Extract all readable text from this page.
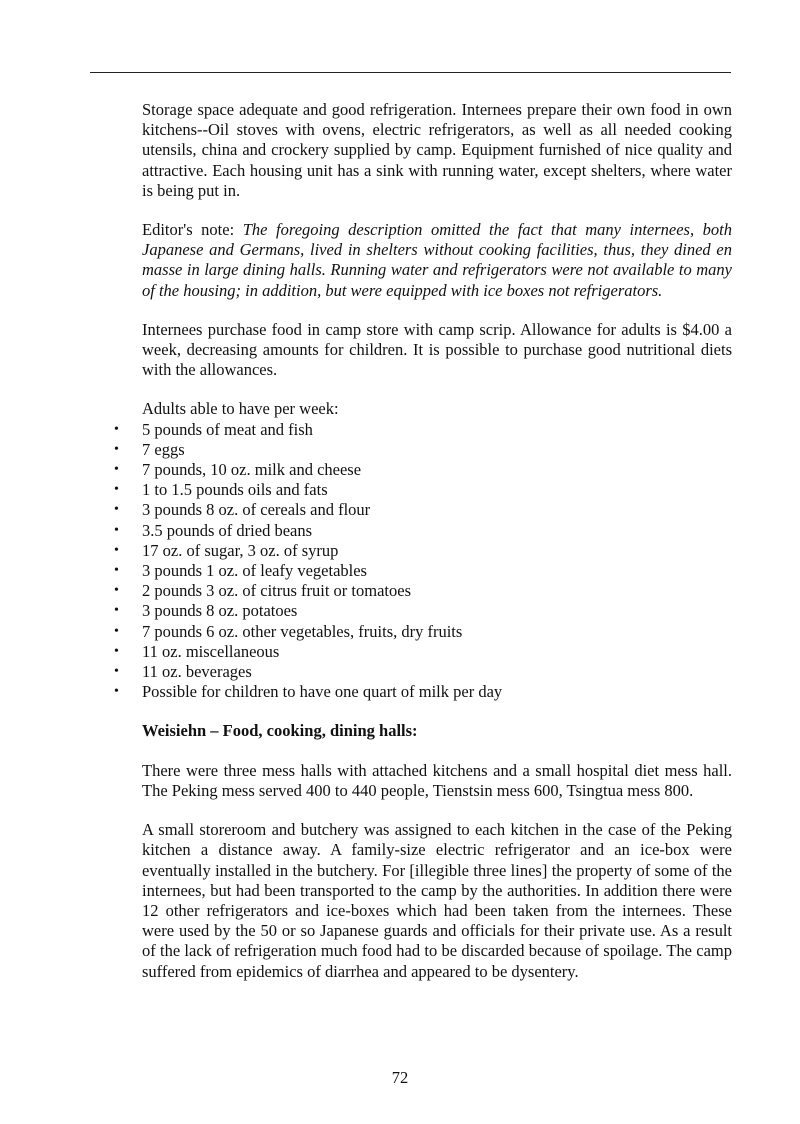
Storage space adequate and good refrigeration. Internees prepare their own food in own kitchens--Oil stoves with ovens, electric refrigerators, as well as all needed cooking utensils, china and crockery supplied by camp. Equipment furnished of nice quality and attractive. Each housing unit has a sink with running water, except shelters, where water is being put in.

Editor's note: The foregoing description omitted the fact that many internees, both Japanese and Germans, lived in shelters without cooking facilities, thus, they dined en masse in large dining halls. Running water and refrigerators were not available to many of the housing; in addition, but were equipped with ice boxes not refrigerators.

Internees purchase food in camp store with camp scrip. Allowance for adults is $4.00 a week, decreasing amounts for children. It is possible to purchase good nutritional diets with the allowances.

Adults able to have per week:

• 5 pounds of meat and fish
• 7 eggs
• 7 pounds, 10 oz. milk and cheese
• 1 to 1.5 pounds oils and fats
• 3 pounds 8 oz. of cereals and flour
• 3.5 pounds of dried beans
• 17 oz. of sugar, 3 oz. of syrup
• 3 pounds 1 oz. of leafy vegetables
• 2 pounds 3 oz. of citrus fruit or tomatoes
• 3 pounds 8 oz. potatoes
• 7 pounds 6 oz. other vegetables, fruits, dry fruits
• 11 oz. miscellaneous
• 11 oz. beverages
• Possible for children to have one quart of milk per day

Weisiehn – Food, cooking, dining halls:

There were three mess halls with attached kitchens and a small hospital diet mess hall. The Peking mess served 400 to 440 people, Tienstsin mess 600, Tsingtua mess 800.

A small storeroom and butchery was assigned to each kitchen in the case of the Peking kitchen a distance away. A family-size electric refrigerator and an ice-box were eventually installed in the butchery. For [illegible three lines] the property of some of the internees, but had been transported to the camp by the authorities. In addition there were 12 other refrigerators and ice-boxes which had been taken from the internees. These were used by the 50 or so Japanese guards and officials for their private use. As a result of the lack of refrigeration much food had to be discarded because of spoilage. The camp suffered from epidemics of diarrhea and appeared to be dysentery.

72
